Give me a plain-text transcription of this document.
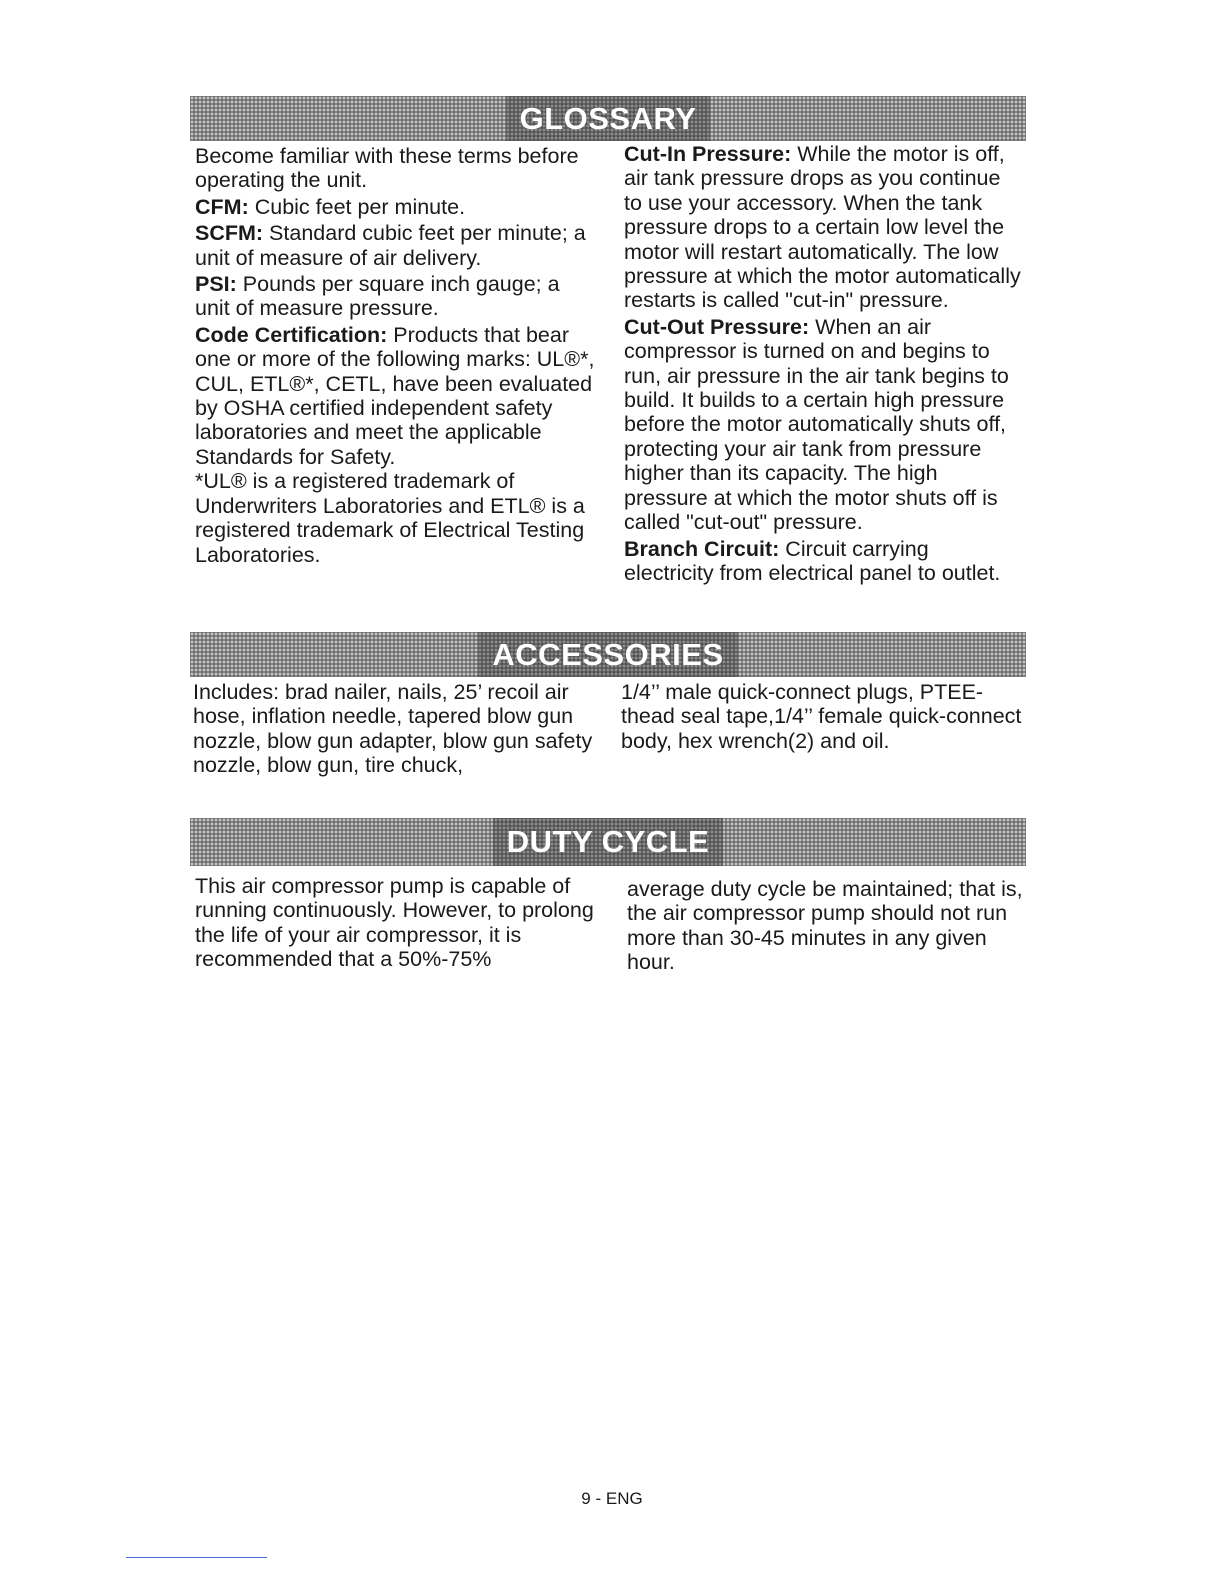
GLOSSARY

Become familiar with these terms before operating the unit.

CFM: Cubic feet per minute.

SCFM: Standard cubic feet per minute; a unit of measure of air delivery.

PSI: Pounds per square inch gauge; a unit of measure pressure.

Code Certification: Products that bear one or more of the following marks: UL®*, CUL, ETL®*, CETL, have been evaluated by OSHA certified independent safety laboratories and meet the applicable Standards for Safety.

*UL® is a registered trademark of Underwriters Laboratories and ETL® is a registered trademark of Electrical Testing Laboratories.

Cut-In Pressure: While the motor is off, air tank pressure drops as you continue to use your accessory. When the tank pressure drops to a certain low level the motor will restart automatically. The low pressure at which the motor automatically restarts is called "cut-in" pressure.

Cut-Out Pressure: When an air compressor is turned on and begins to run, air pressure in the air tank begins to build. It builds to a certain high pressure before the motor automatically shuts off, protecting your air tank from pressure higher than its capacity. The high pressure at which the motor shuts off is called "cut-out" pressure.

Branch Circuit: Circuit carrying electricity from electrical panel to outlet.

ACCESSORIES

Includes: brad nailer, nails, 25’ recoil air hose, inflation needle, tapered blow gun nozzle, blow gun adapter, blow gun safety nozzle, blow gun, tire chuck,

1/4’’ male quick-connect plugs, PTEE-thead seal tape,1/4’’ female quick-connect body, hex wrench(2) and oil.

DUTY CYCLE

This air compressor pump is capable of running continuously. However, to prolong the life of your air compressor, it is recommended that a 50%-75%

average duty cycle be maintained; that is, the air compressor pump should not run more than 30-45 minutes in any given hour.

9 - ENG
